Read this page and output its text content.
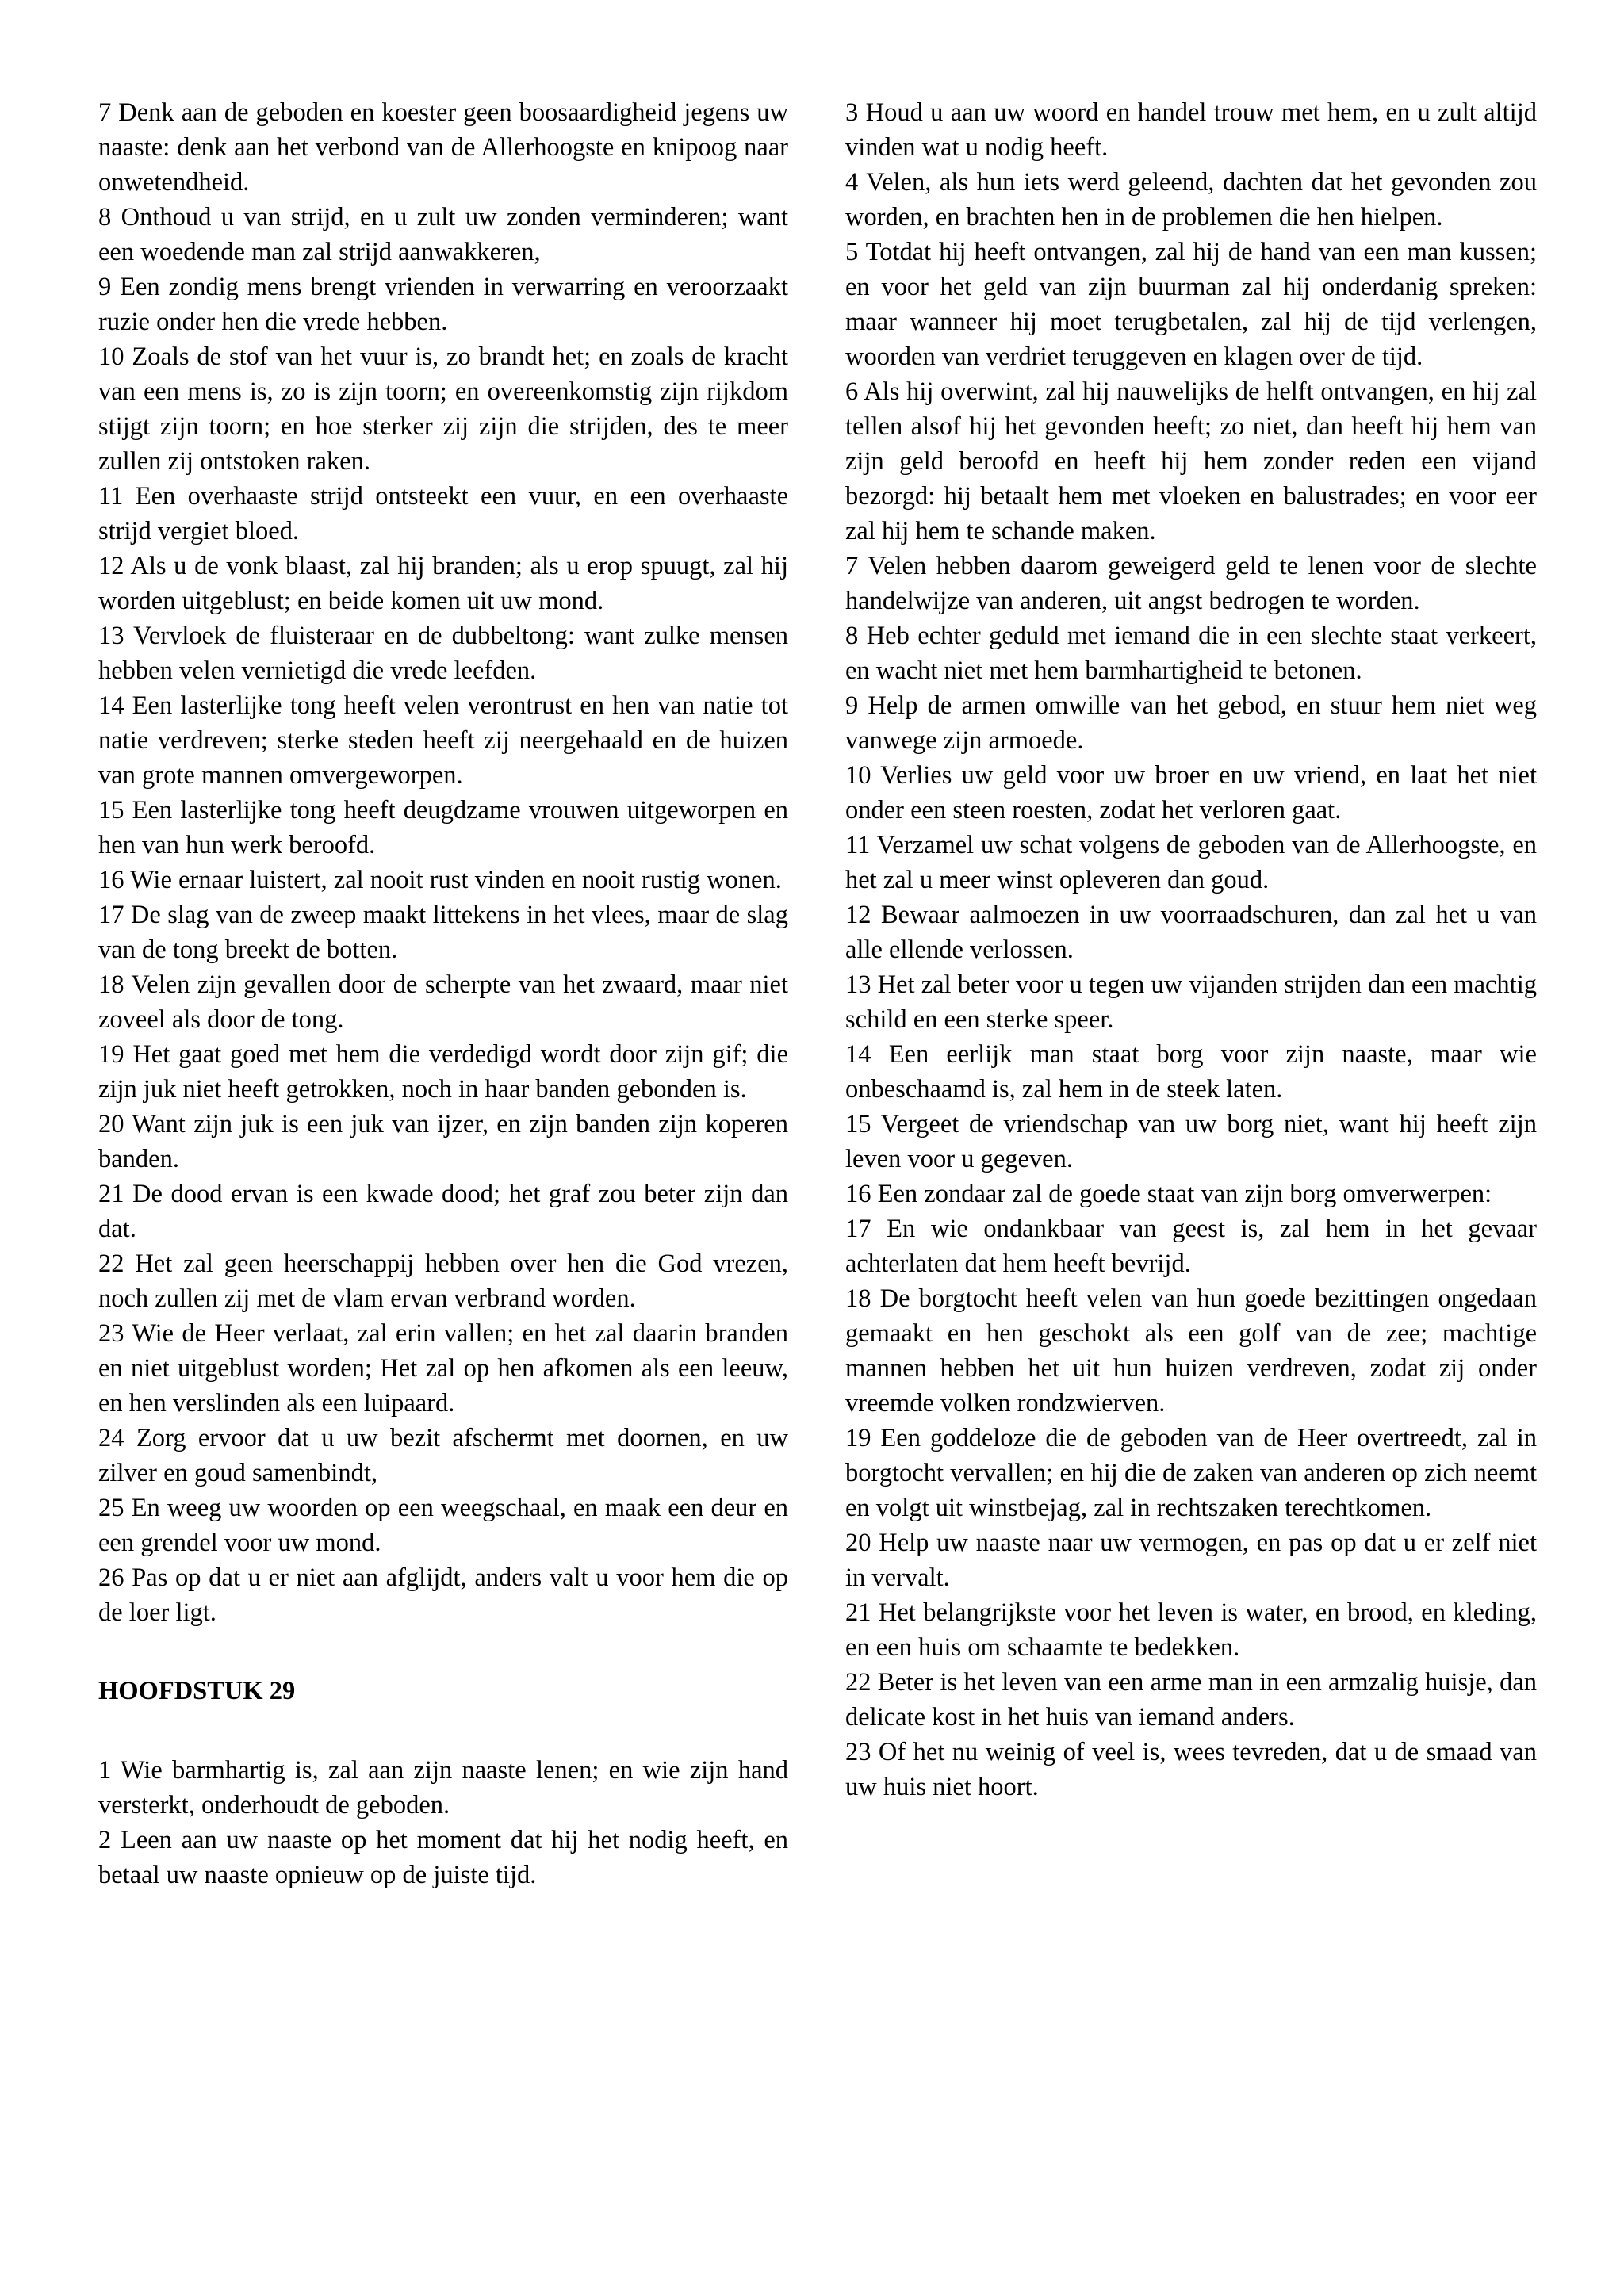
7 Denk aan de geboden en koester geen boosaardigheid jegens uw naaste: denk aan het verbond van de Allerhoogste en knipoog naar onwetendheid.

8 Onthoud u van strijd, en u zult uw zonden verminderen; want een woedende man zal strijd aanwakkeren,

9 Een zondig mens brengt vrienden in verwarring en veroorzaakt ruzie onder hen die vrede hebben.

10 Zoals de stof van het vuur is, zo brandt het; en zoals de kracht van een mens is, zo is zijn toorn; en overeenkomstig zijn rijkdom stijgt zijn toorn; en hoe sterker zij zijn die strijden, des te meer zullen zij ontstoken raken.

11 Een overhaaste strijd ontsteekt een vuur, en een overhaaste strijd vergiet bloed.

12 Als u de vonk blaast, zal hij branden; als u erop spuugt, zal hij worden uitgeblust; en beide komen uit uw mond.

13 Vervloek de fluisteraar en de dubbeltong: want zulke mensen hebben velen vernietigd die vrede leefden.

14 Een lasterlijke tong heeft velen verontrust en hen van natie tot natie verdreven; sterke steden heeft zij neergehaald en de huizen van grote mannen omvergeworpen.

15 Een lasterlijke tong heeft deugdzame vrouwen uitgeworpen en hen van hun werk beroofd.

16 Wie ernaar luistert, zal nooit rust vinden en nooit rustig wonen.

17 De slag van de zweep maakt littekens in het vlees, maar de slag van de tong breekt de botten.

18 Velen zijn gevallen door de scherpte van het zwaard, maar niet zoveel als door de tong.

19 Het gaat goed met hem die verdedigd wordt door zijn gif; die zijn juk niet heeft getrokken, noch in haar banden gebonden is.

20 Want zijn juk is een juk van ijzer, en zijn banden zijn koperen banden.

21 De dood ervan is een kwade dood; het graf zou beter zijn dan dat.

22 Het zal geen heerschappij hebben over hen die God vrezen, noch zullen zij met de vlam ervan verbrand worden.

23 Wie de Heer verlaat, zal erin vallen; en het zal daarin branden en niet uitgeblust worden; Het zal op hen afkomen als een leeuw, en hen verslinden als een luipaard.

24 Zorg ervoor dat u uw bezit afschermt met doornen, en uw zilver en goud samenbindt,

25 En weeg uw woorden op een weegschaal, en maak een deur en een grendel voor uw mond.

26 Pas op dat u er niet aan afglijdt, anders valt u voor hem die op de loer ligt.

HOOFDSTUK 29

1 Wie barmhartig is, zal aan zijn naaste lenen; en wie zijn hand versterkt, onderhoudt de geboden.

2 Leen aan uw naaste op het moment dat hij het nodig heeft, en betaal uw naaste opnieuw op de juiste tijd.

3 Houd u aan uw woord en handel trouw met hem, en u zult altijd vinden wat u nodig heeft.

4 Velen, als hun iets werd geleend, dachten dat het gevonden zou worden, en brachten hen in de problemen die hen hielpen.

5 Totdat hij heeft ontvangen, zal hij de hand van een man kussen; en voor het geld van zijn buurman zal hij onderdanig spreken: maar wanneer hij moet terugbetalen, zal hij de tijd verlengen, woorden van verdriet teruggeven en klagen over de tijd.

6 Als hij overwint, zal hij nauwelijks de helft ontvangen, en hij zal tellen alsof hij het gevonden heeft; zo niet, dan heeft hij hem van zijn geld beroofd en heeft hij hem zonder reden een vijand bezorgd: hij betaalt hem met vloeken en balustrades; en voor eer zal hij hem te schande maken.

7 Velen hebben daarom geweigerd geld te lenen voor de slechte handelwijze van anderen, uit angst bedrogen te worden.

8 Heb echter geduld met iemand die in een slechte staat verkeert, en wacht niet met hem barmhartigheid te betonen.

9 Help de armen omwille van het gebod, en stuur hem niet weg vanwege zijn armoede.

10 Verlies uw geld voor uw broer en uw vriend, en laat het niet onder een steen roesten, zodat het verloren gaat.

11 Verzamel uw schat volgens de geboden van de Allerhoogste, en het zal u meer winst opleveren dan goud.

12 Bewaar aalmoezen in uw voorraadschuren, dan zal het u van alle ellende verlossen.

13 Het zal beter voor u tegen uw vijanden strijden dan een machtig schild en een sterke speer.

14 Een eerlijk man staat borg voor zijn naaste, maar wie onbeschaamd is, zal hem in de steek laten.

15 Vergeet de vriendschap van uw borg niet, want hij heeft zijn leven voor u gegeven.

16 Een zondaar zal de goede staat van zijn borg omverwerpen:

17 En wie ondankbaar van geest is, zal hem in het gevaar achterlaten dat hem heeft bevrijd.

18 De borgtocht heeft velen van hun goede bezittingen ongedaan gemaakt en hen geschokt als een golf van de zee; machtige mannen hebben het uit hun huizen verdreven, zodat zij onder vreemde volken rondzwierven.

19 Een goddeloze die de geboden van de Heer overtreedt, zal in borgtocht vervallen; en hij die de zaken van anderen op zich neemt en volgt uit winstbejag, zal in rechtszaken terechtkomen.

20 Help uw naaste naar uw vermogen, en pas op dat u er zelf niet in vervalt.

21 Het belangrijkste voor het leven is water, en brood, en kleding, en een huis om schaamte te bedekken.

22 Beter is het leven van een arme man in een armzalig huisje, dan delicate kost in het huis van iemand anders.

23 Of het nu weinig of veel is, wees tevreden, dat u de smaad van uw huis niet hoort.
